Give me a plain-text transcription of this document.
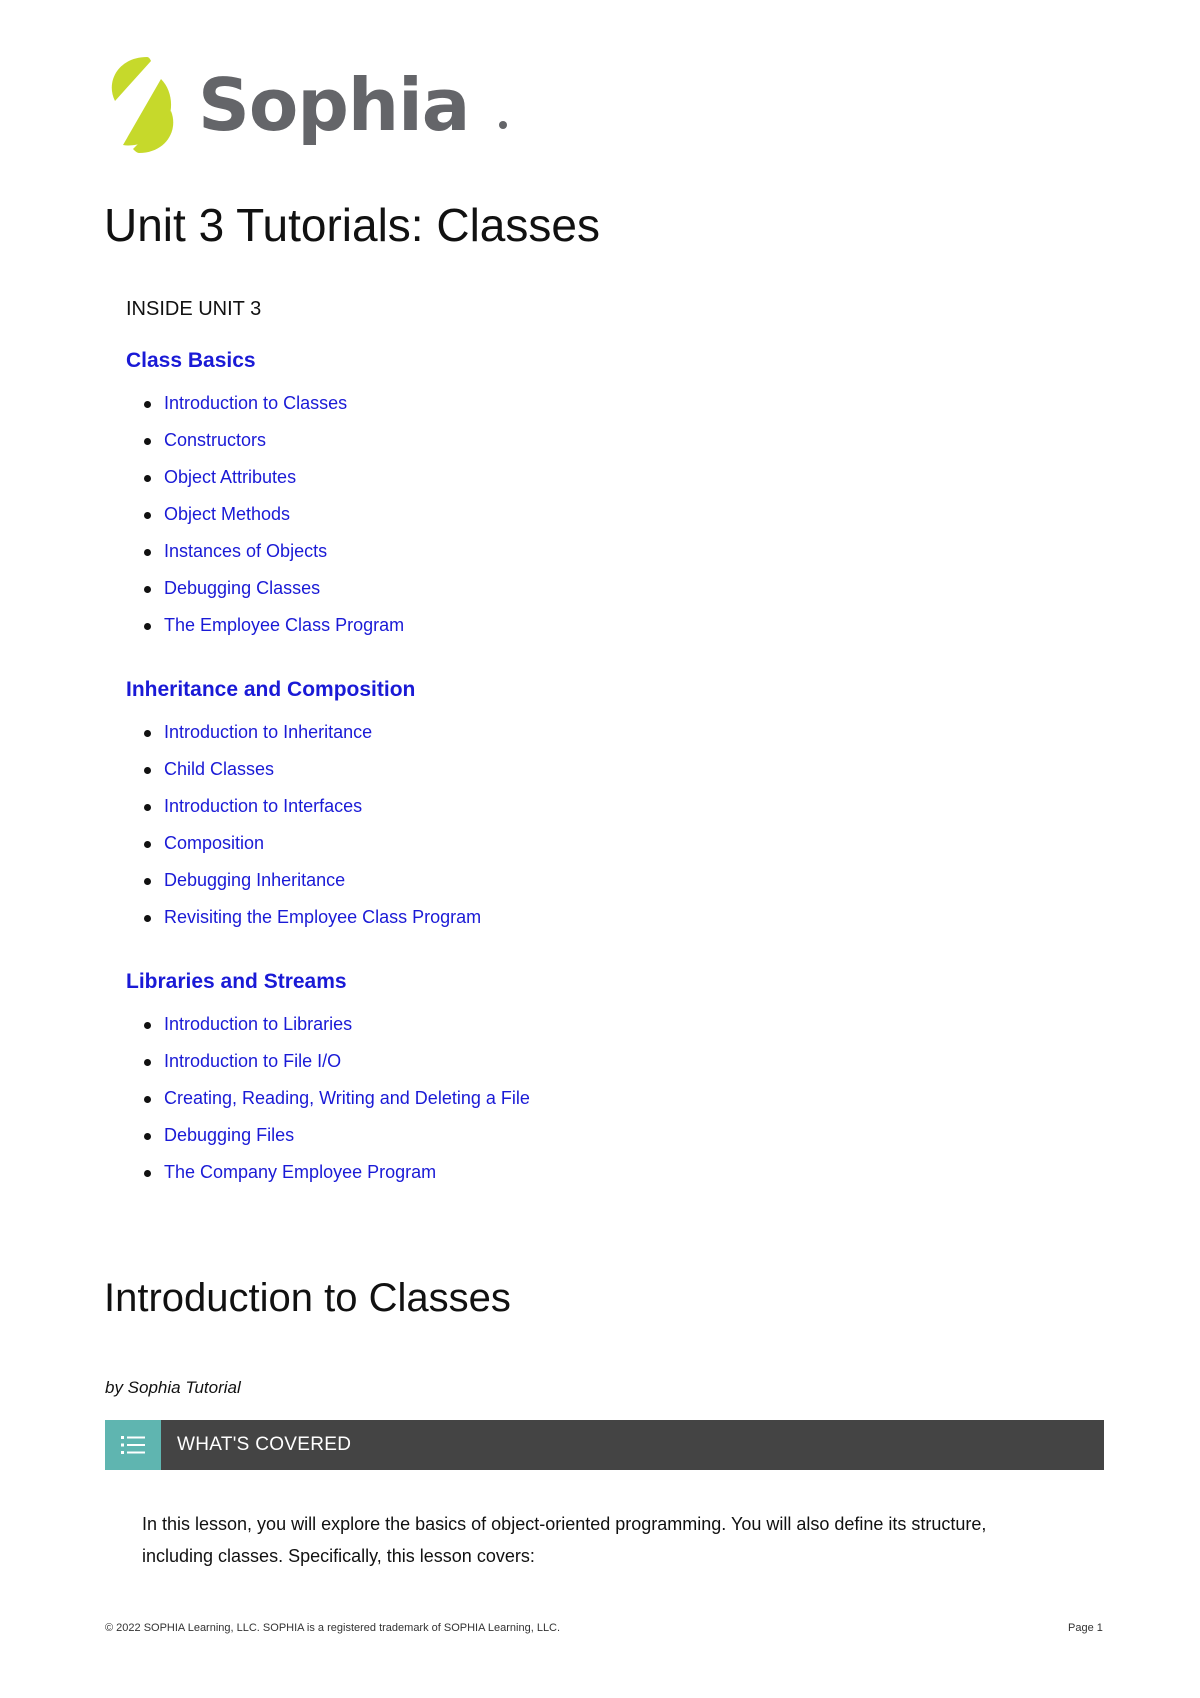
Sophia
Unit 3 Tutorials: Classes
INSIDE UNIT 3
Class Basics
Introduction to Classes
Constructors
Object Attributes
Object Methods
Instances of Objects
Debugging Classes
The Employee Class Program
Inheritance and Composition
Introduction to Inheritance
Child Classes
Introduction to Interfaces
Composition
Debugging Inheritance
Revisiting the Employee Class Program
Libraries and Streams
Introduction to Libraries
Introduction to File I/O
Creating, Reading, Writing and Deleting a File
Debugging Files
The Company Employee Program
Introduction to Classes
by Sophia Tutorial
WHAT'S COVERED

In this lesson, you will explore the basics of object-oriented programming. You will also define its structure, including classes. Specifically, this lesson covers:

© 2022 SOPHIA Learning, LLC. SOPHIA is a registered trademark of SOPHIA Learning, LLC.	Page 1
